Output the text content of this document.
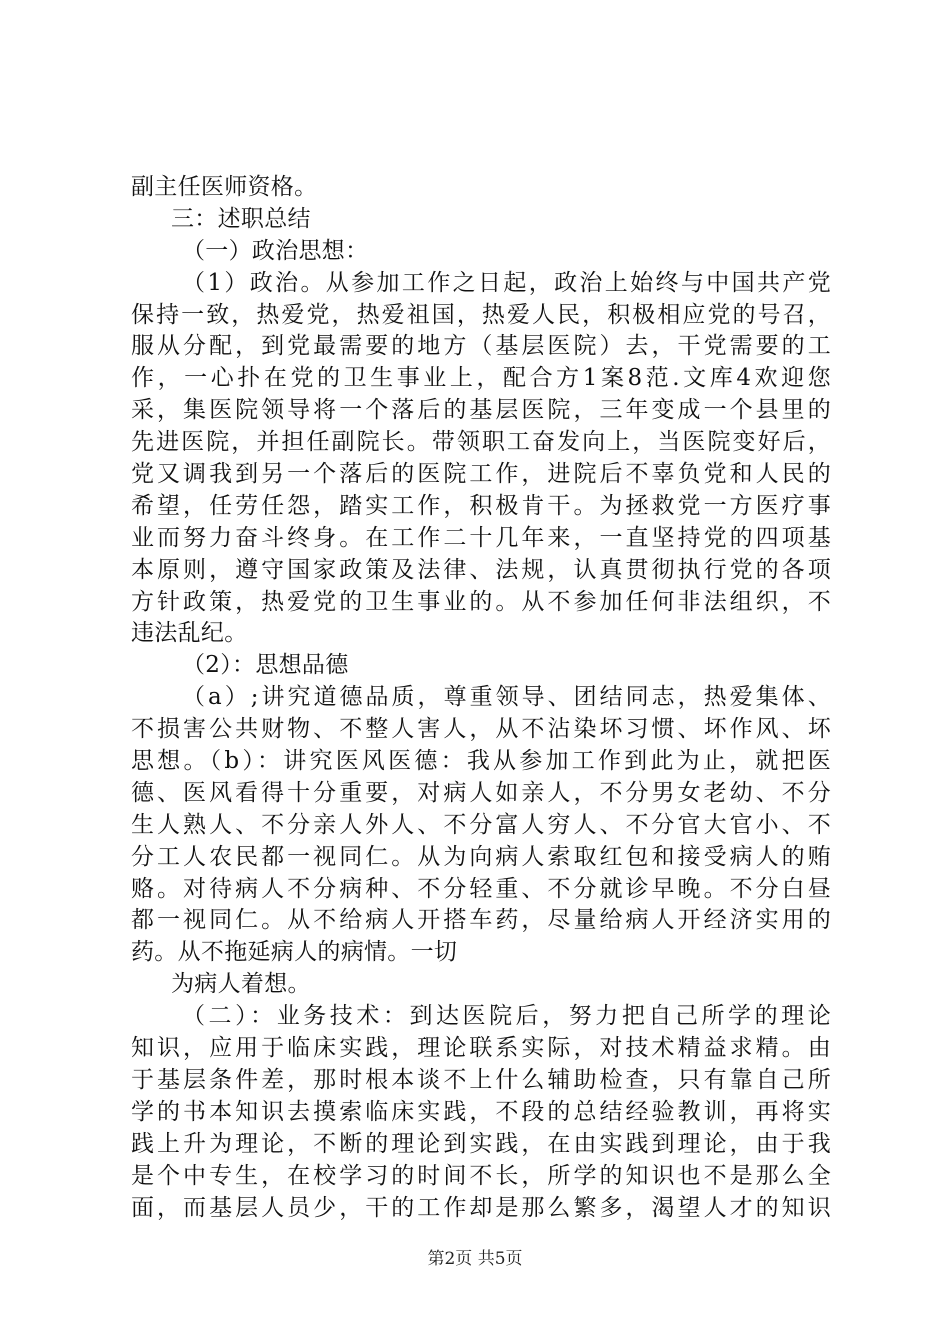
副主任医师资格。
三：述职总结
（一）政治思想：
（1）政治。从参加工作之日起，政治上始终与中国共产党
保持一致，热爱党，热爱祖国，热爱人民，积极相应党的号召，
服从分配，到党最需要的地方（基层医院）去，干党需要的工
作，一心扑在党的卫生事业上，配合方1案8范.文库4欢迎您
采，集医院领导将一个落后的基层医院，三年变成一个县里的
先进医院，并担任副院长。带领职工奋发向上，当医院变好后，
党又调我到另一个落后的医院工作，进院后不辜负党和人民的
希望，任劳任怨，踏实工作，积极肯干。为拯救党一方医疗事
业而努力奋斗终身。在工作二十几年来，一直坚持党的四项基
本原则，遵守国家政策及法律、法规，认真贯彻执行党的各项
方针政策，热爱党的卫生事业的。从不参加任何非法组织，不
违法乱纪。
（2）：思想品德
（a）;讲究道德品质，尊重领导、团结同志，热爱集体、
不损害公共财物、不整人害人，从不沾染坏习惯、坏作风、坏
思想。（b）：讲究医风医德：我从参加工作到此为止，就把医
德、医风看得十分重要，对病人如亲人，不分男女老幼、不分
生人熟人、不分亲人外人、不分富人穷人、不分官大官小、不
分工人农民都一视同仁。从为向病人索取红包和接受病人的贿
赂。对待病人不分病种、不分轻重、不分就诊早晚。不分白昼
都一视同仁。从不给病人开搭车药，尽量给病人开经济实用的
药。从不拖延病人的病情。一切
为病人着想。
（二）：业务技术：到达医院后，努力把自己所学的理论
知识，应用于临床实践，理论联系实际，对技术精益求精。由
于基层条件差，那时根本谈不上什么辅助检查，只有靠自己所
学的书本知识去摸索临床实践，不段的总结经验教训，再将实
践上升为理论，不断的理论到实践，在由实践到理论，由于我
是个中专生，在校学习的时间不长，所学的知识也不是那么全
面，而基层人员少，干的工作却是那么繁多，渴望人才的知识
第2页 共5页
